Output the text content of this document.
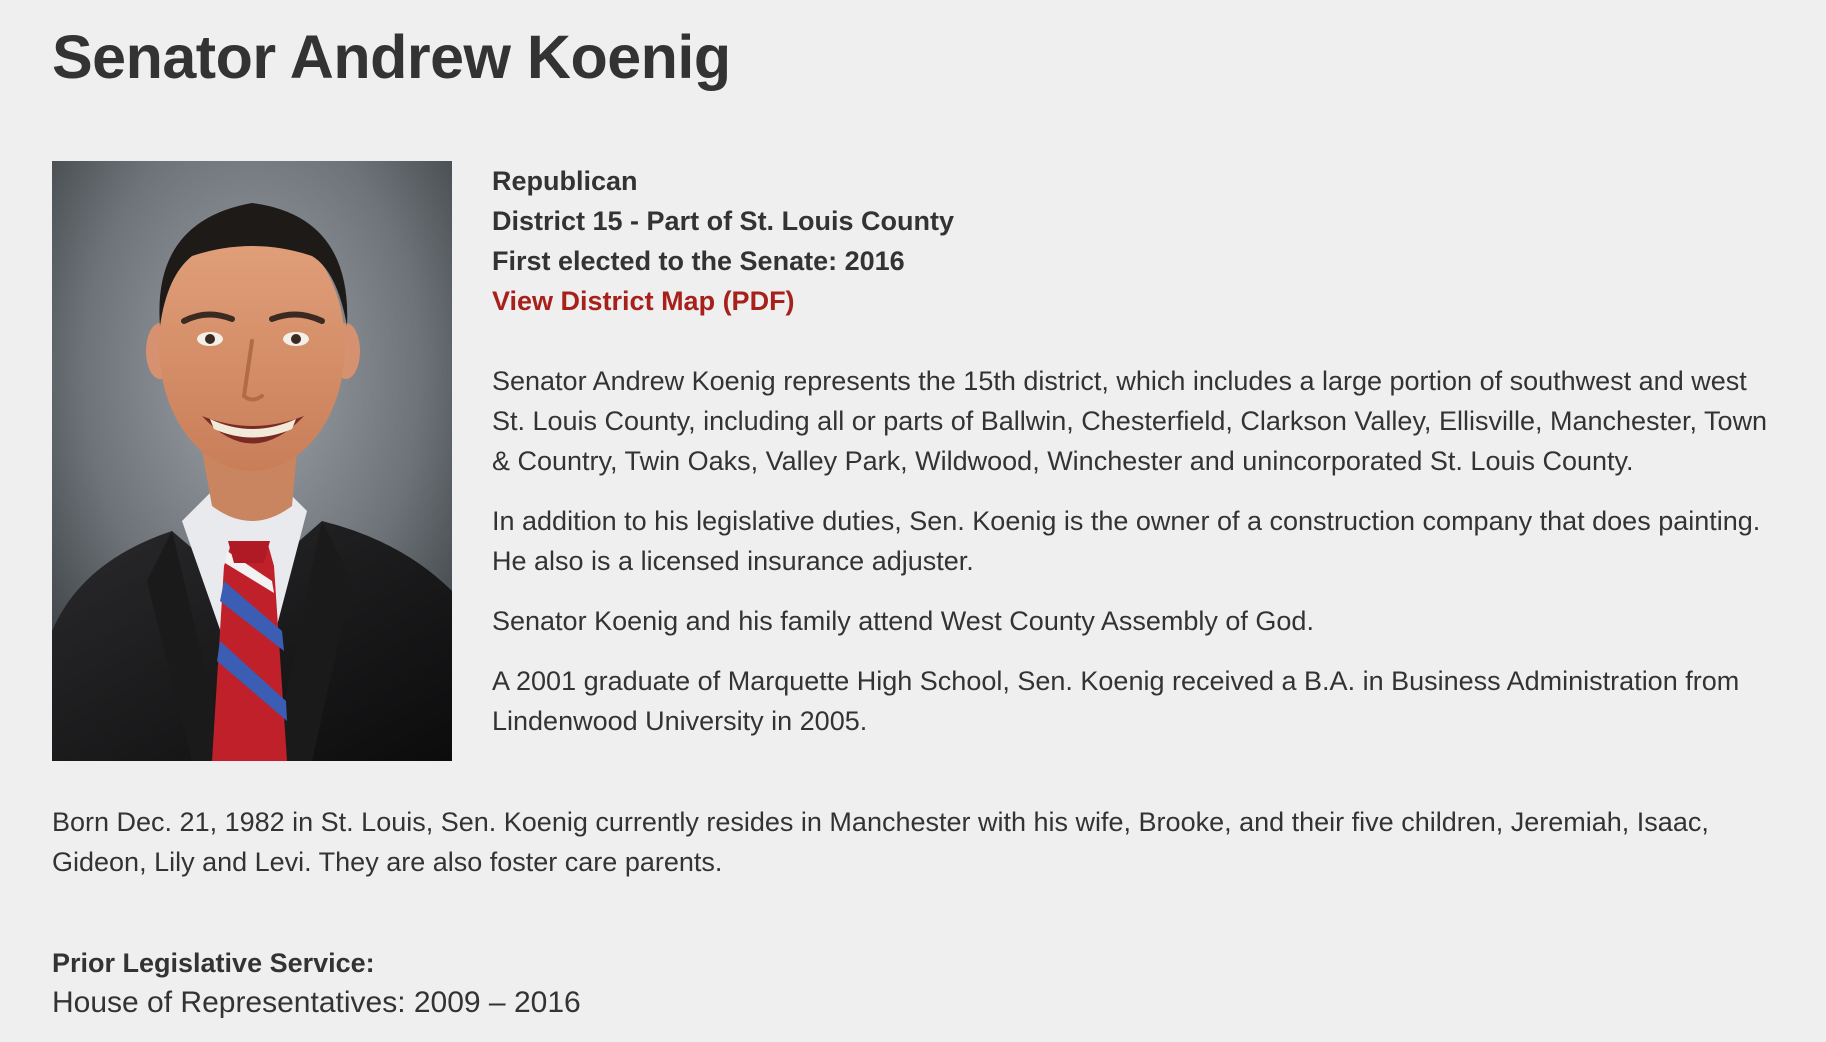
Senator Andrew Koenig

Republican

District 15 - Part of St. Louis County

First elected to the Senate: 2016

View District Map (PDF)

Senator Andrew Koenig represents the 15th district, which includes a large portion of southwest and west St. Louis County, including all or parts of Ballwin, Chesterfield, Clarkson Valley, Ellisville, Manchester, Town & Country, Twin Oaks, Valley Park, Wildwood, Winchester and unincorporated St. Louis County.

In addition to his legislative duties, Sen. Koenig is the owner of a construction company that does painting. He also is a licensed insurance adjuster.

Senator Koenig and his family attend West County Assembly of God.

A 2001 graduate of Marquette High School, Sen. Koenig received a B.A. in Business Administration from Lindenwood University in 2005.

Born Dec. 21, 1982 in St. Louis, Sen. Koenig currently resides in Manchester with his wife, Brooke, and their five children, Jeremiah, Isaac, Gideon, Lily and Levi. They are also foster care parents.

Prior Legislative Service:

House of Representatives: 2009 – 2016
